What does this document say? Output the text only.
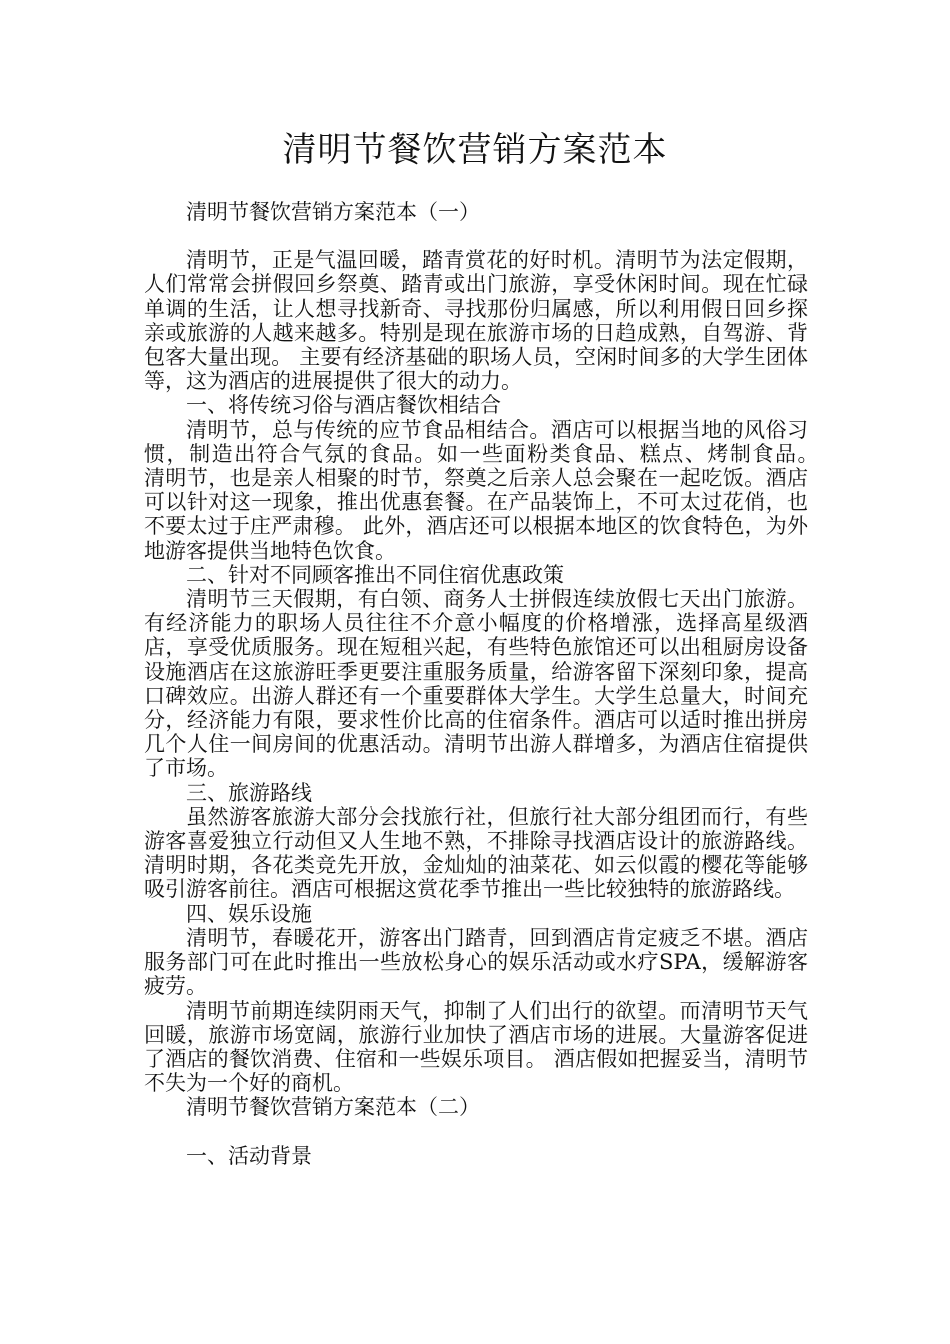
清明节餐饮营销方案范本

清明节餐饮营销方案范本（一）

清明节，正是气温回暖，踏青赏花的好时机。清明节为法定假期，人们常常会拼假回乡祭奠、踏青或出门旅游，享受休闲时间。现在忙碌单调的生活，让人想寻找新奇、寻找那份归属感，所以利用假日回乡探亲或旅游的人越来越多。特别是现在旅游市场的日趋成熟，自驾游、背包客大量出现。 主要有经济基础的职场人员，空闲时间多的大学生团体等，这为酒店的进展提供了很大的动力。

一、将传统习俗与酒店餐饮相结合

清明节，总与传统的应节食品相结合。酒店可以根据当地的风俗习惯，制造出符合气氛的食品。如一些面粉类食品、糕点、烤制食品。　 清明节，也是亲人相聚的时节，祭奠之后亲人总会聚在一起吃饭。酒店可以针对这一现象，推出优惠套餐。在产品装饰上，不可太过花俏，也不要太过于庄严肃穆。 此外，酒店还可以根据本地区的饮食特色，为外地游客提供当地特色饮食。

二、针对不同顾客推出不同住宿优惠政策

清明节三天假期，有白领、商务人士拼假连续放假七天出门旅游。有经济能力的职场人员往往不介意小幅度的价格增涨，选择高星级酒店，享受优质服务。现在短租兴起，有些特色旅馆还可以出租厨房设备设施酒店在这旅游旺季更要注重服务质量，给游客留下深刻印象，提高口碑效应。出游人群还有一个重要群体大学生。大学生总量大，时间充分，经济能力有限，要求性价比高的住宿条件。酒店可以适时推出拼房几个人住一间房间的优惠活动。清明节出游人群增多，为酒店住宿提供了市场。

三、旅游路线

虽然游客旅游大部分会找旅行社，但旅行社大部分组团而行，有些游客喜爱独立行动但又人生地不熟，不排除寻找酒店设计的旅游路线。清明时期，各花类竞先开放，金灿灿的油菜花、如云似霞的樱花等能够吸引游客前往。酒店可根据这赏花季节推出一些比较独特的旅游路线。

四、娱乐设施

清明节，春暖花开，游客出门踏青，回到酒店肯定疲乏不堪。酒店服务部门可在此时推出一些放松身心的娱乐活动或水疗SPA，缓解游客疲劳。

清明节前期连续阴雨天气，抑制了人们出行的欲望。而清明节天气回暖，旅游市场宽阔，旅游行业加快了酒店市场的进展。大量游客促进了酒店的餐饮消费、住宿和一些娱乐项目。 酒店假如把握妥当，清明节不失为一个好的商机。

清明节餐饮营销方案范本（二）

一、活动背景
